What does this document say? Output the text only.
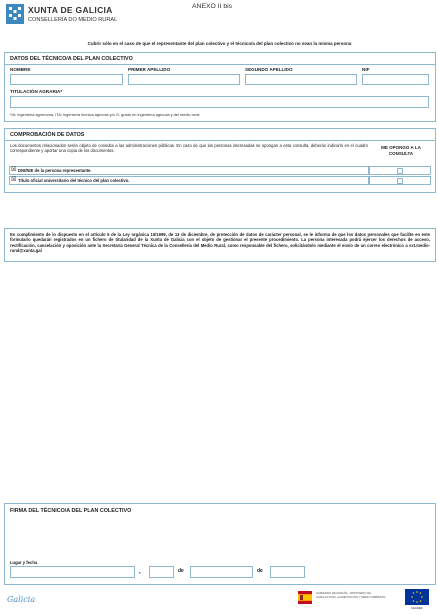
XUNTA DE GALICIA
CONSELLERÍA DO MEDIO RURAL
ANEXO II bis
Cubrir sólo en el caso de que el representante del plan colectivo y el técnico/a del plan colectivo no sean la misma persona
DATOS DEL TÉCNICO/A DEL PLAN COLECTIVO
NOMBRE	PRIMER APELLIDO	SEGUNDO APELLIDO	NIF
TITULACIÓN AGRARIA*
*IA: ingeniería agrónoma, ITA: ingeniería técnica agrícola y/o G: grado en ingeniería agrícola y del medio rural
COMPROBACIÓN DE DATOS
Los documentos relacionados serán objeto de consulta a las administraciones públicas. En caso de que las personas interesadas se opongan a esta consulta, deberán indicarlo en el cuadro correspondiente y aportar una copia de los documentos.
ME OPONGO A LA CONSULTA
☒ DNI/NIE de la persona representante.
☒ Título oficial universitario del técnico del plan colectivo.
En cumplimiento de lo dispuesto en el artículo 5 de la Ley orgánica 15/1999, de 13 de diciembre, de protección de datos de carácter personal, se le informa de que los datos personales que facilite en este formulario quedarán registrados en un fichero de titularidad de la Xunta de Galicia con el objeto de gestionar el presente procedimiento. La persona interesada podrá ejercer los derechos de acceso, rectificación, cancelación y oposición ante la Secretaría General Técnica de la Consellería del Medio Rural, como responsable del fichero, solicitándolo mediante el envío de un correo electrónico a sxt.medio-rural@xunta.gal
FIRMA DEL TÉCNICO/A DEL PLAN COLECTIVO
Lugar y fecha
,	de	de
Galicia
GOBIERNO DE ESPAÑA · MINISTERIO DE AGRICULTURA, ALIMENTACIÓN Y MEDIO AMBIENTE
FEADER
